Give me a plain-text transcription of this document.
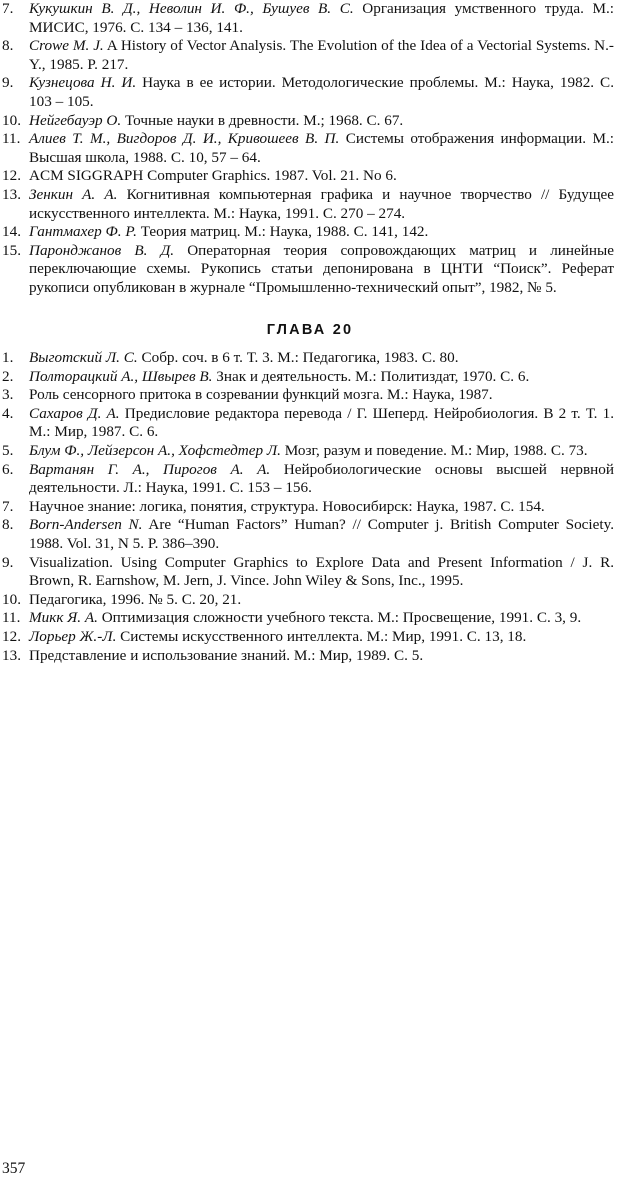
7.	Кукушкин В. Д., Неволин И. Ф., Бушуев В. С. Организация умственного труда. М.: МИСИС, 1976. С. 134 – 136, 141.
8.	Crowe M. J. A History of Vector Analysis. The Evolution of the Idea of a Vectorial Systems. N.-Y., 1985. P. 217.
9.	Кузнецова Н. И. Наука в ее истории. Методологические проблемы. М.: Наука, 1982. С. 103 – 105.
10. Нейгебауэр О. Точные науки в древности. М.; 1968. С. 67.
11. Алиев Т. М., Вигдоров Д. И., Кривошеев В. П. Системы отображения информации. М.: Высшая школа, 1988. С. 10, 57 – 64.
12. ACM SIGGRAPH Computer Graphics. 1987. Vol. 21. No 6.
13. Зенкин А. А. Когнитивная компьютерная графика и научное творчество // Будущее искусственного интеллекта. М.: Наука, 1991. С. 270 – 274.
14. Гантмахер Ф. Р. Теория матриц. М.: Наука, 1988. С. 141, 142.
15. Паронджанов В. Д. Операторная теория сопровождающих матриц и линейные переключающие схемы. Рукопись статьи депонирована в ЦНТИ “Поиск”. Реферат рукописи опубликован в журнале “Промышленно-технический опыт”, 1982, № 5.
ГЛАВА 20
1.	Выготский Л. С. Собр. соч. в 6 т. Т. 3. М.: Педагогика, 1983. С. 80.
2.	Полторацкий А., Швырев В. Знак и деятельность. М.: Политиздат, 1970. С. 6.
3.	Роль сенсорного притока в созревании функций мозга. М.: Наука, 1987.
4.	Сахаров Д. А. Предисловие редактора перевода / Г. Шеперд. Нейробиология. В 2 т. Т. 1. М.: Мир, 1987. С. 6.
5.	Блум Ф., Лейзерсон А., Хофстедтер Л. Мозг, разум и поведение. М.: Мир, 1988. С. 73.
6.	Вартанян Г. А., Пирогов А. А. Нейробиологические основы высшей нервной деятельности. Л.: Наука, 1991. С. 153 – 156.
7.	Научное знание: логика, понятия, структура. Новосибирск: Наука, 1987. С. 154.
8.	Born-Andersen N. Are “Human Factors” Human? // Computer j. British Computer Society. 1988. Vol. 31, N 5. P. 386–390.
9.	Visualization. Using Computer Graphics to Explore Data and Present Information / J. R. Brown, R. Earnshow, M. Jern, J. Vince. John Wiley & Sons, Inc., 1995.
10. Педагогика, 1996. № 5. С. 20, 21.
11. Микк Я. А. Оптимизация сложности учебного текста. М.: Просвещение, 1991. С. 3, 9.
12. Лорьер Ж.-Л. Системы искусственного интеллекта. М.: Мир, 1991. С. 13, 18.
13. Представление и использование знаний. М.: Мир, 1989. С. 5.
357
